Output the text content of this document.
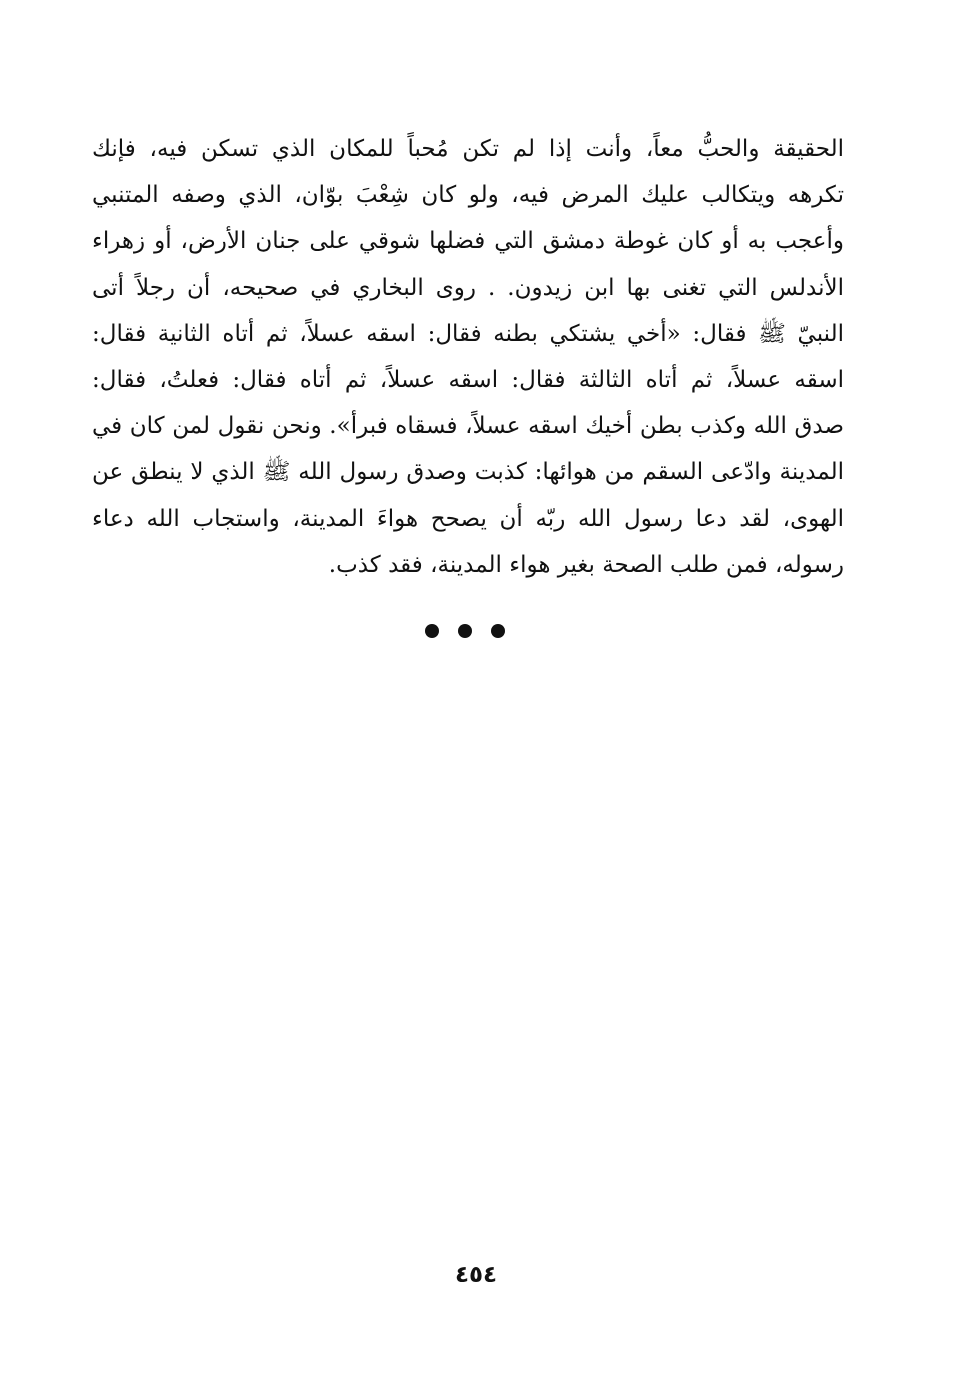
الحقيقة والحبُّ معاً، وأنت إذا لم تكن مُحباً للمكان الذي تسكن فيه، فإنك
تكرهه ويتكالب عليك المرض فيه، ولو كان شِعْبَ بوّان، الذي وصفه المتنبي
وأعجب به أو كان غوطة دمشق التي فضلها شوقي على جنان الأرض، أو زهراء
الأندلس التي تغنى بها ابن زيدون. . روى البخاري في صحيحه، أن رجلاً أتى
النبيّ ﷺ فقال: «أخي يشتكي بطنه فقال: اسقه عسلاً، ثم أتاه الثانية فقال:
اسقه عسلاً، ثم أتاه الثالثة فقال: اسقه عسلاً، ثم أتاه فقال: فعلتُ، فقال:
صدق الله وكذب بطن أخيك اسقه عسلاً، فسقاه فبرأ». ونحن نقول لمن كان في
المدينة وادّعى السقم من هوائها: كذبت وصدق رسول الله ﷺ الذي لا ينطق عن
الهوى، لقد دعا رسول الله ربّه أن يصحح هواءَ المدينة، واستجاب الله دعاء
رسوله، فمن طلب الصحة بغير هواء المدينة، فقد كذب.
٤٥٤
